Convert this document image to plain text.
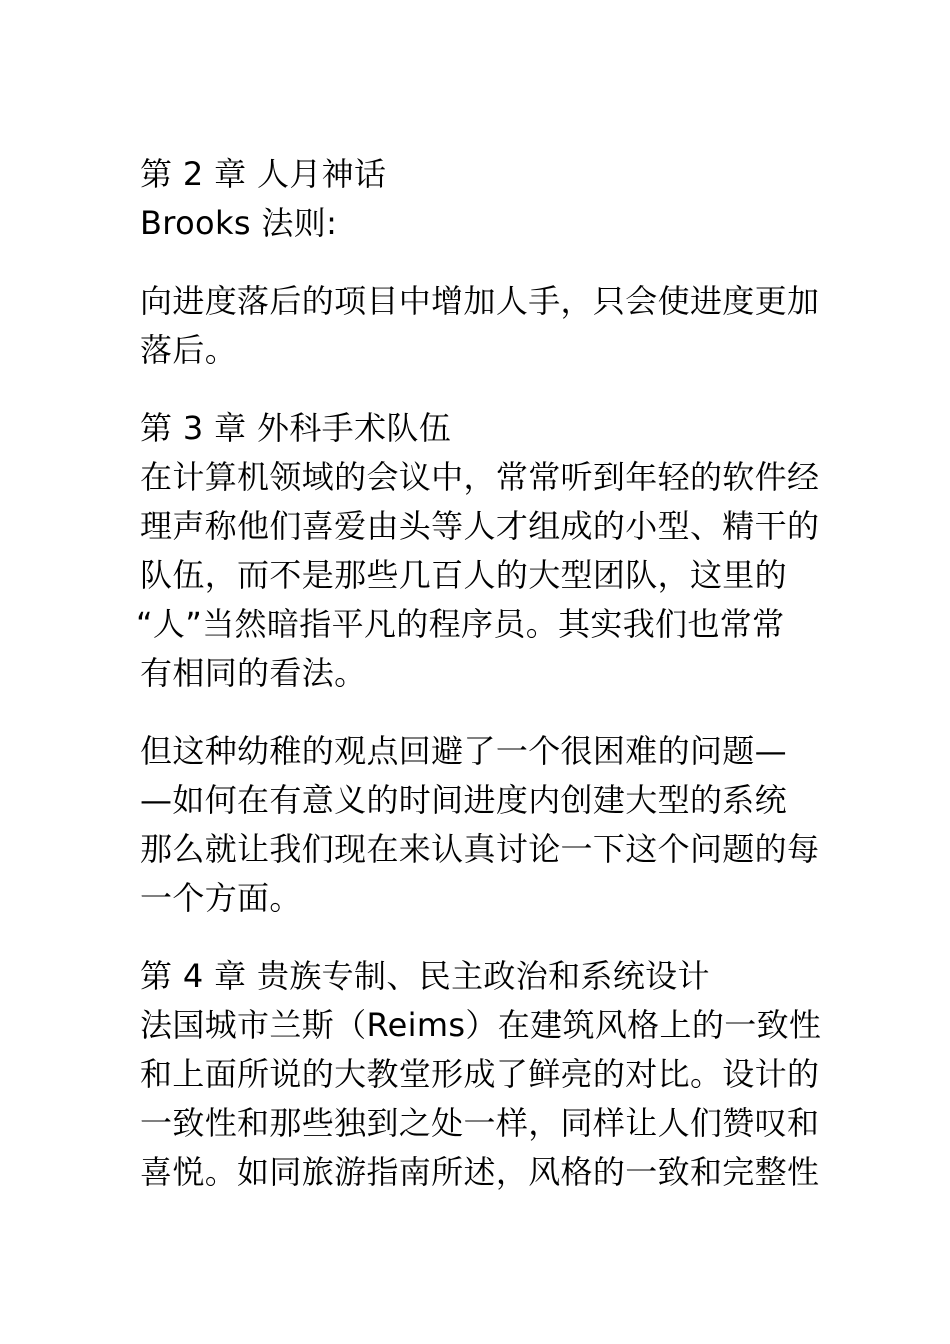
第 2 章 人月神话
Brooks 法则:
向进度落后的项目中增加人手，只会使进度更加
落后。
第 3 章 外科手术队伍
在计算机领域的会议中，常常听到年轻的软件经
理声称他们喜爱由头等人才组成的小型、精干的
队伍，而不是那些几百人的大型团队，这里的
“人”当然暗指平凡的程序员。其实我们也常常
有相同的看法。
但这种幼稚的观点回避了一个很困难的问题—
—如何在有意义的时间进度内创建大型的系统
那么就让我们现在来认真讨论一下这个问题的每
一个方面。
第 4 章 贵族专制、民主政治和系统设计
法国城市兰斯（Reims）在建筑风格上的一致性
和上面所说的大教堂形成了鲜亮的对比。设计的
一致性和那些独到之处一样，同样让人们赞叹和
喜悦。如同旅游指南所述，风格的一致和完整性
